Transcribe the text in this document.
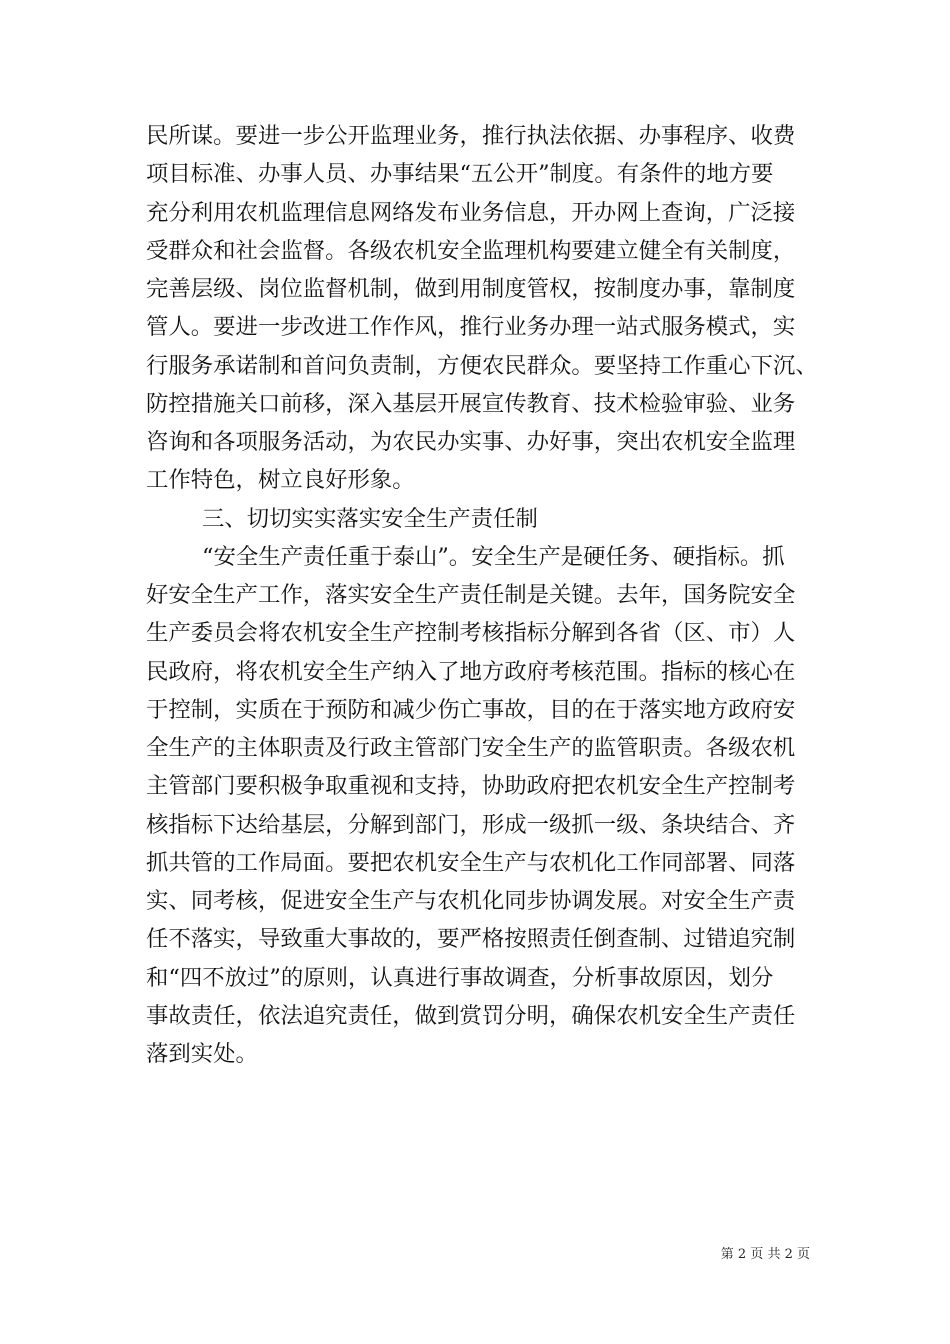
民所谋。要进一步公开监理业务，推行执法依据、办事程序、收费
项目标准、办事人员、办事结果“五公开”制度。有条件的地方要
充分利用农机监理信息网络发布业务信息，开办网上查询，广泛接
受群众和社会监督。各级农机安全监理机构要建立健全有关制度，
完善层级、岗位监督机制，做到用制度管权，按制度办事，靠制度
管人。要进一步改进工作作风，推行业务办理一站式服务模式，实
行服务承诺制和首问负责制，方便农民群众。要坚持工作重心下沉、
防控措施关口前移，深入基层开展宣传教育、技术检验审验、业务
咨询和各项服务活动，为农民办实事、办好事，突出农机安全监理
工作特色，树立良好形象。
三、切切实实落实安全生产责任制
“安全生产责任重于泰山”。安全生产是硬任务、硬指标。抓
好安全生产工作，落实安全生产责任制是关键。去年，国务院安全
生产委员会将农机安全生产控制考核指标分解到各省（区、市）人
民政府，将农机安全生产纳入了地方政府考核范围。指标的核心在
于控制，实质在于预防和减少伤亡事故，目的在于落实地方政府安
全生产的主体职责及行政主管部门安全生产的监管职责。各级农机
主管部门要积极争取重视和支持，协助政府把农机安全生产控制考
核指标下达给基层，分解到部门，形成一级抓一级、条块结合、齐
抓共管的工作局面。要把农机安全生产与农机化工作同部署、同落
实、同考核，促进安全生产与农机化同步协调发展。对安全生产责
任不落实，导致重大事故的，要严格按照责任倒查制、过错追究制
和“四不放过”的原则，认真进行事故调查，分析事故原因，划分
事故责任，依法追究责任，做到赏罚分明，确保农机安全生产责任
落到实处。
第 2 页 共 2 页
